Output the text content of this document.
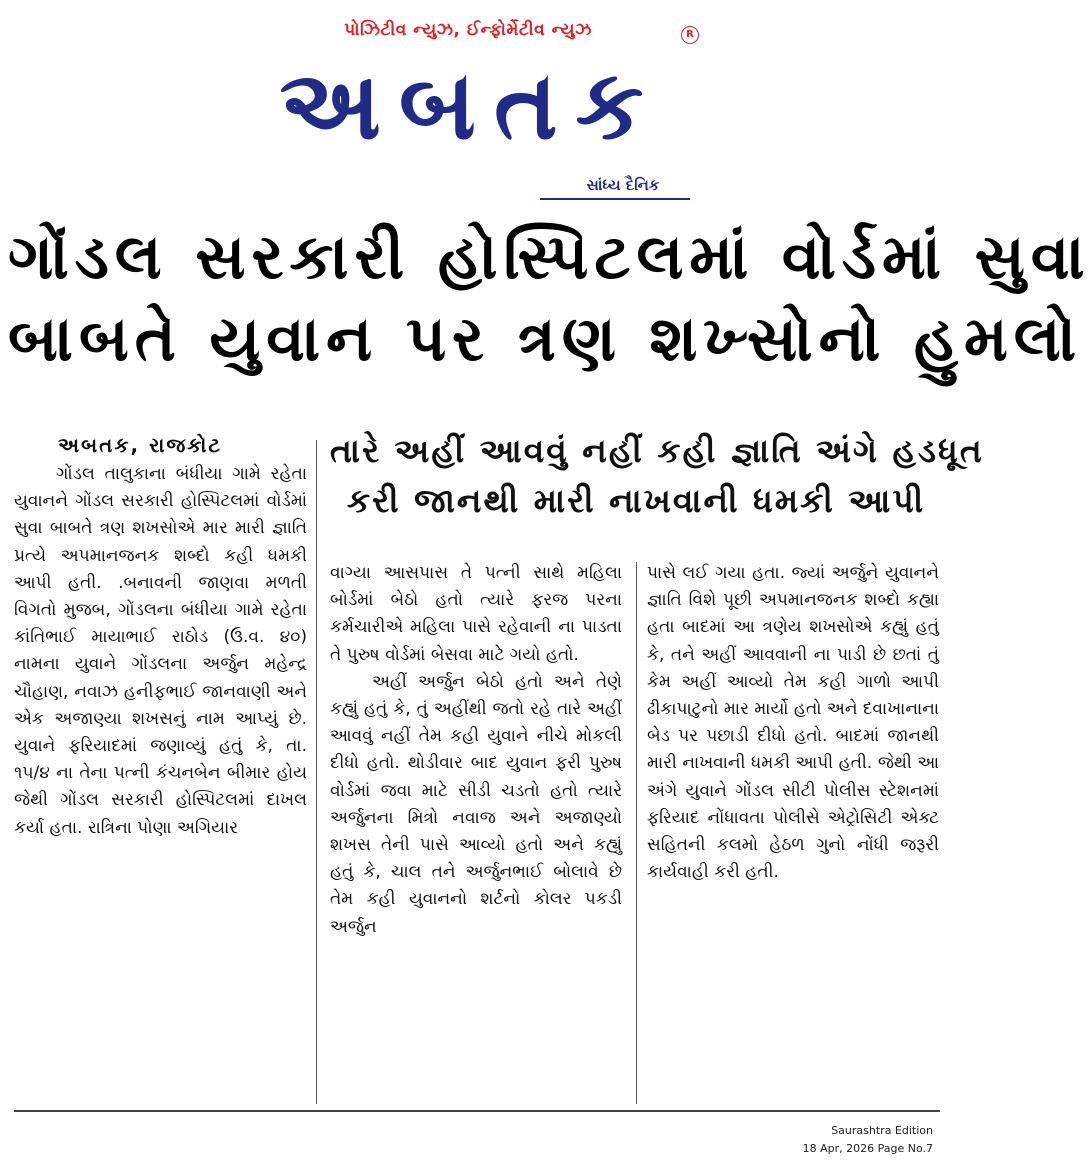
પોઝિટીવ ન્યુઝ, ઈન્ફોર્મેટીવ ન્યુઝ
અબતક
R
સાંધ્ય દૈનિક
ગોંડલ સરકારી હોસ્પિટલમાં વોર્ડમાં સુવા
બાબતે યુવાન પર ત્રણ શખ્સોનો હુમલો
અબતક, રાજકોટ

ગોંડલ તાલુકાના બંધીયા ગામે રહેતા યુવાનને ગોંડલ સરકારી હોસ્પિટલમાં વોર્ડમાં સુવા બાબતે ત્રણ શખસોએ માર મારી જ્ઞાતિ પ્રત્યે અપમાનજનક શબ્દો કહી ધમકી આપી હતી. .બનાવની જાણવા મળતી વિગતો મુજબ, ગોંડલના બંધીયા ગામે રહેતા કાંતિભાઈ માયાભાઈ રાઠોડ (ઉ.વ. ૪૦) નામના યુવાને ગોંડલના અર્જુન મહેન્દ્ર ચૌહાણ, નવાઝ હનીફભાઈ જાનવાણી અને એક અજાણ્યા શખસનું નામ આપ્યું છે. યુવાને ફરિયાદમાં જણાવ્યું હતું કે, તા. ૧૫/૪ ના તેના પત્ની કંચનબેન બીમાર હોય જેથી ગોંડલ સરકારી હોસ્પિટલમાં દાખલ કર્યા હતા. રાત્રિના પોણા અગિયાર

તારે અહીં આવવું નહીં કહી જ્ઞાતિ અંગે હડધૂત
કરી જાનથી મારી નાખવાની ધમકી આપી

વાગ્યા આસપાસ તે પત્ની સાથે મહિલા બોર્ડમાં બેઠો હતો ત્યારે ફરજ પરના કર્મચારીએ મહિલા પાસે રહેવાની ના પાડતા તે પુરુષ વોર્ડમાં બેસવા માટે ગયો હતો.

અહીં અર્જુન બેઠો હતો અને તેણે કહ્યું હતું કે, તું અહીંથી જતો રહે તારે અહીં આવવું નહીં તેમ કહી યુવાને નીચે મોકલી દીધો હતો. થોડીવાર બાદ યુવાન ફરી પુરુષ વોર્ડમાં જવા માટે સીડી ચડતો હતો ત્યારે અર્જુનના મિત્રો નવાજ અને અજાણ્યો શખસ તેની પાસે આવ્યો હતો અને કહ્યું હતું કે, ચાલ તને અર્જુનભાઈ બોલાવે છે તેમ કહી યુવાનનો શર્ટનો કોલર પકડી અર્જુન

પાસે લઈ ગયા હતા. જ્યાં અર્જુને યુવાનને જ્ઞાતિ વિશે પૂછી અપમાનજનક શબ્દો કહ્યા હતા બાદમાં આ ત્રણેય શખસોએ કહ્યું હતું કે, તને અહીં આવવાની ના પાડી છે છતાં તું કેમ અહીં આવ્યો તેમ કહી ગાળો આપી ઢીકાપાટુનો માર માર્યો હતો અને દવાખાનાના બેડ પર પછાડી દીધો હતો. બાદમાં જાનથી મારી નાખવાની ધમકી આપી હતી. જેથી આ અંગે યુવાને ગોંડલ સીટી પોલીસ સ્ટેશનમાં ફરિયાદ નોંધાવતા પોલીસે એટ્રોસિટી એક્ટ સહિતની કલમો હેઠળ ગુનો નોંધી જરૂરી કાર્યવાહી કરી હતી.

Saurashtra Edition
18 Apr, 2026 Page No.7
